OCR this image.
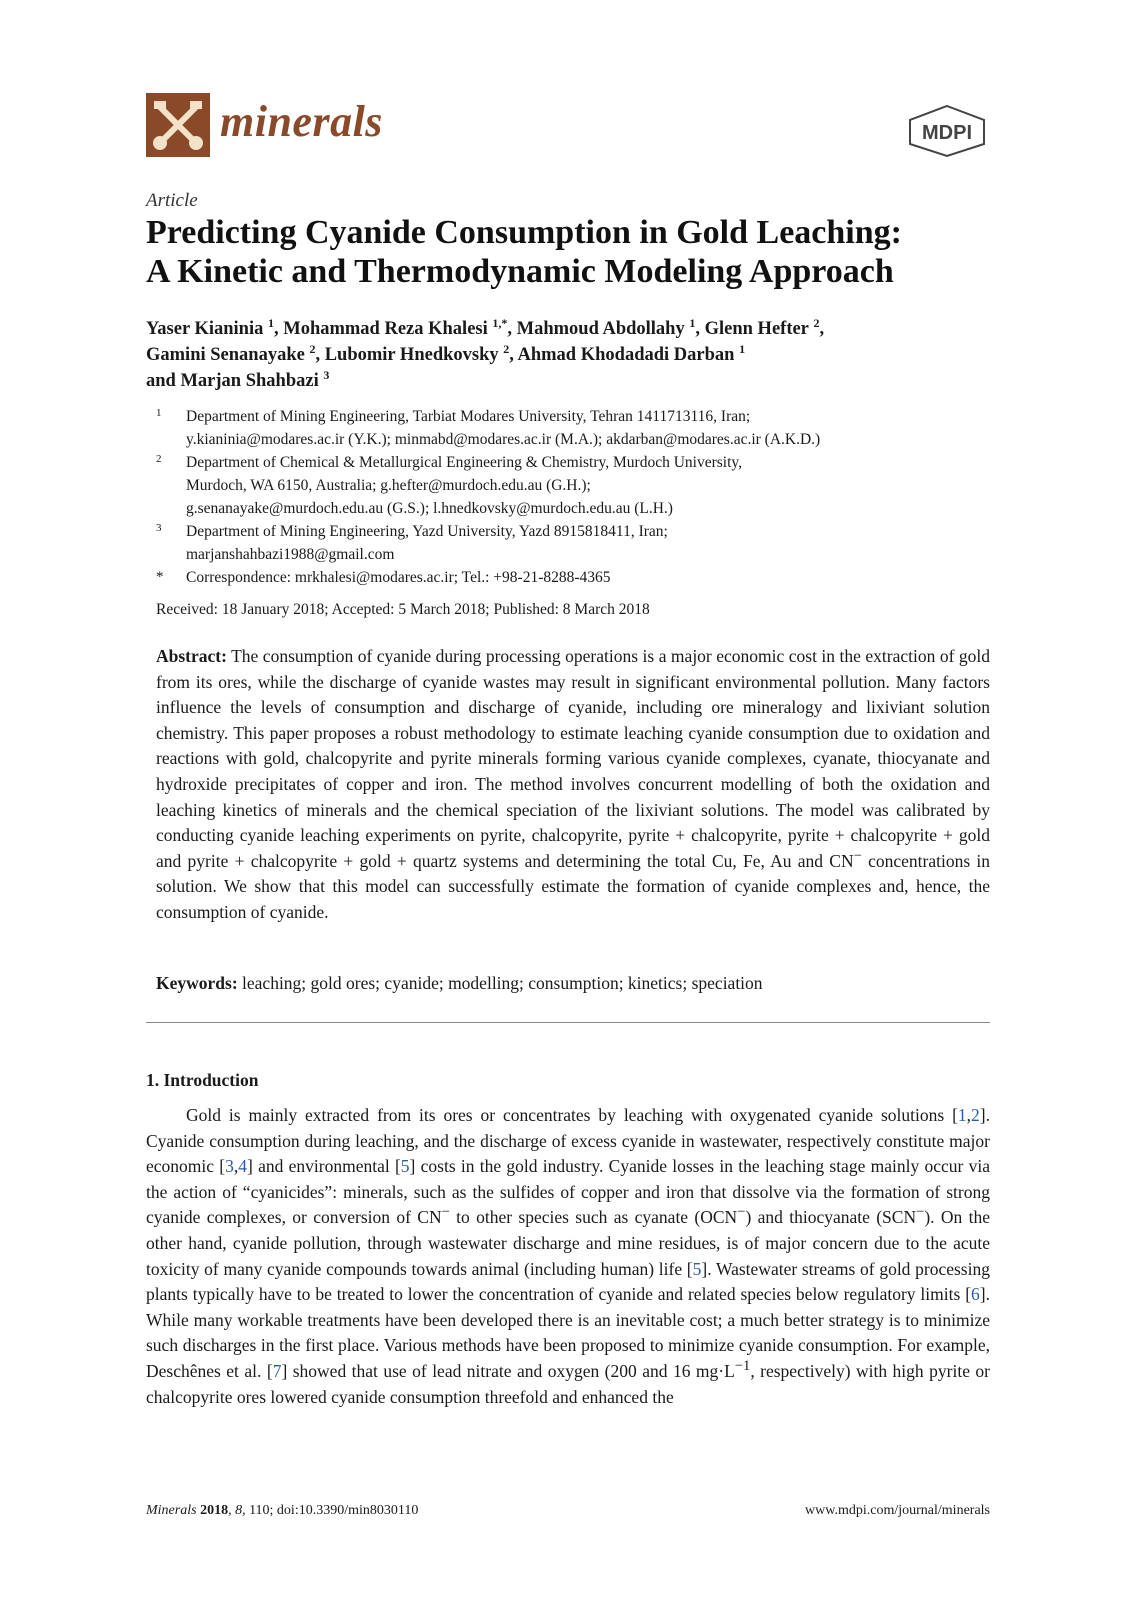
minerals	MDPI
Article
Predicting Cyanide Consumption in Gold Leaching:
A Kinetic and Thermodynamic Modeling Approach
Yaser Kianinia $^1$, Mohammad Reza Khalesi $^{1,*}$, Mahmoud Abdollahy $^1$, Glenn Hefter $^2$,
Gamini Senanayake $^2$, Lubomir Hnedkovsky $^2$, Ahmad Khodadadi Darban $^1$
and Marjan Shahbazi $^3$
1 Department of Mining Engineering, Tarbiat Modares University, Tehran 1411713116, Iran;
y.kianinia@modares.ac.ir (Y.K.); minmabd@modares.ac.ir (M.A.); akdarban@modares.ac.ir (A.K.D.)
2 Department of Chemical & Metallurgical Engineering & Chemistry, Murdoch University,
Murdoch, WA 6150, Australia; g.hefter@murdoch.edu.au (G.H.);
g.senanayake@murdoch.edu.au (G.S.); l.hnedkovsky@murdoch.edu.au (L.H.)
3 Department of Mining Engineering, Yazd University, Yazd 8915818411, Iran;
marjanshahbazi1988@gmail.com
* Correspondence: mrkhalesi@modares.ac.ir; Tel.: +98-21-8288-4365
Received: 18 January 2018; Accepted: 5 March 2018; Published: 8 March 2018
Abstract: The consumption of cyanide during processing operations is a major economic cost in the extraction of gold from its ores, while the discharge of cyanide wastes may result in significant environmental pollution. Many factors influence the levels of consumption and discharge of cyanide, including ore mineralogy and lixiviant solution chemistry. This paper proposes a robust methodology to estimate leaching cyanide consumption due to oxidation and reactions with gold, chalcopyrite and pyrite minerals forming various cyanide complexes, cyanate, thiocyanate and hydroxide precipitates of copper and iron. The method involves concurrent modelling of both the oxidation and leaching kinetics of minerals and the chemical speciation of the lixiviant solutions. The model was calibrated by conducting cyanide leaching experiments on pyrite, chalcopyrite, pyrite + chalcopyrite, pyrite + chalcopyrite + gold and pyrite + chalcopyrite + gold + quartz systems and determining the total Cu, Fe, Au and CN− concentrations in solution. We show that this model can successfully estimate the formation of cyanide complexes and, hence, the consumption of cyanide.
Keywords: leaching; gold ores; cyanide; modelling; consumption; kinetics; speciation
1. Introduction
Gold is mainly extracted from its ores or concentrates by leaching with oxygenated cyanide solutions [1,2]. Cyanide consumption during leaching, and the discharge of excess cyanide in wastewater, respectively constitute major economic [3,4] and environmental [5] costs in the gold industry. Cyanide losses in the leaching stage mainly occur via the action of “cyanicides”: minerals, such as the sulfides of copper and iron that dissolve via the formation of strong cyanide complexes, or conversion of CN− to other species such as cyanate (OCN−) and thiocyanate (SCN−). On the other hand, cyanide pollution, through wastewater discharge and mine residues, is of major concern due to the acute toxicity of many cyanide compounds towards animal (including human) life [5]. Wastewater streams of gold processing plants typically have to be treated to lower the concentration of cyanide and related species below regulatory limits [6]. While many workable treatments have been developed there is an inevitable cost; a much better strategy is to minimize such discharges in the first place. Various methods have been proposed to minimize cyanide consumption. For example, Deschênes et al. [7] showed that use of lead nitrate and oxygen (200 and 16 $mg\cdot L^{-1}$, respectively) with high pyrite or chalcopyrite ores lowered cyanide consumption threefold and enhanced the
Minerals 2018, 8, 110; doi:10.3390/min8030110	www.mdpi.com/journal/minerals
